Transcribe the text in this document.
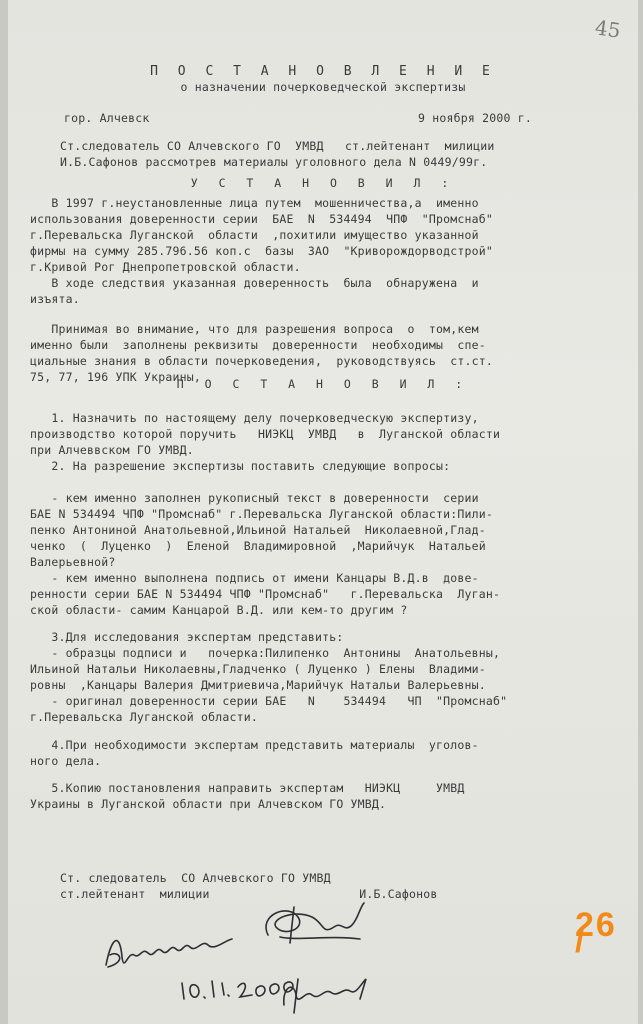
45
П О С Т А Н О В Л Е Н И Е
о назначении почерковедческой экспертизы
гор. Алчевск	9 ноября 2000 г.
Ст.следователь СО Алчевского ГО  УМВД   ст.лейтенант  милиции
И.Б.Сафонов рассмотрев материалы уголовного дела N 0449/99г.
У С Т А Н О В И Л :
В 1997 г.неустановленные лица путем  мошенничества,а  именно
использования доверенности серии  БАЕ  N  534494  ЧПФ  "Промснаб"
г.Перевальска Луганской  области  ,похитили имущество указанной
фирмы на сумму 285.796.56 коп.с  базы  ЗАО  "Криворождорводстрой"
г.Кривой Рог Днепропетровской области.
В ходе следствия указанная доверенность  была  обнаружена  и
изъята.
Принимая во внимание, что для разрешения вопроса  о  том,кем
именно были  заполнены реквизиты  доверенности  необходимы  спе-
циальные знания в области почерковедения,  руководствуясь  ст.ст.
75, 77, 196 УПК Украины,
П О С Т А Н О В И Л :
1. Назначить по настоящему делу почерковедческую экспертизу,
производство которой поручить   НИЭКЦ  УМВД   в  Луганской области
при Алчеввском ГО УМВД.
2. На разрешение экспертизы поставить следующие вопросы:
- кем именно заполнен рукописный текст в доверенности  серии
БАЕ N 534494 ЧПФ "Промснаб" г.Перевальска Луганской области:Пили-
пенко Антониной Анатольевной,Ильиной Натальей  Николаевной,Глад-
ченко  (  Луценко  )  Еленой  Владимировной  ,Марийчук  Натальей
Валерьевной?
- кем именно выполнена подпись от имени Канцары В.Д.в  дове-
ренности серии БАЕ N 534494 ЧПФ "Промснаб"   г.Перевальска  Луган-
ской области- самим Канцарой В.Д. или кем-то другим ?
3.Для исследования экспертам представить:
- образцы подписи и   почерка:Пилипенко  Антонины  Анатольевны,
Ильиной Натальи Николаевны,Гладченко ( Луценко ) Елены  Владими-
ровны  ,Канцары Валерия Дмитриевича,Марийчук Натальи Валерьевны.
- оригинал доверенности серии БАЕ   N    534494   ЧП  "Промснаб"
г.Перевальска Луганской области.
4.При необходимости экспертам представить материалы  уголов-
ного дела.
5.Копию постановления направить экспертам   НИЭКЦ     УМВД
Украины в Луганской области при Алчевском ГО УМВД.
Ст. следователь  СО Алчевского ГО УМВД
ст.лейтенант  милиции                     И.Б.Сафонов
26 /
